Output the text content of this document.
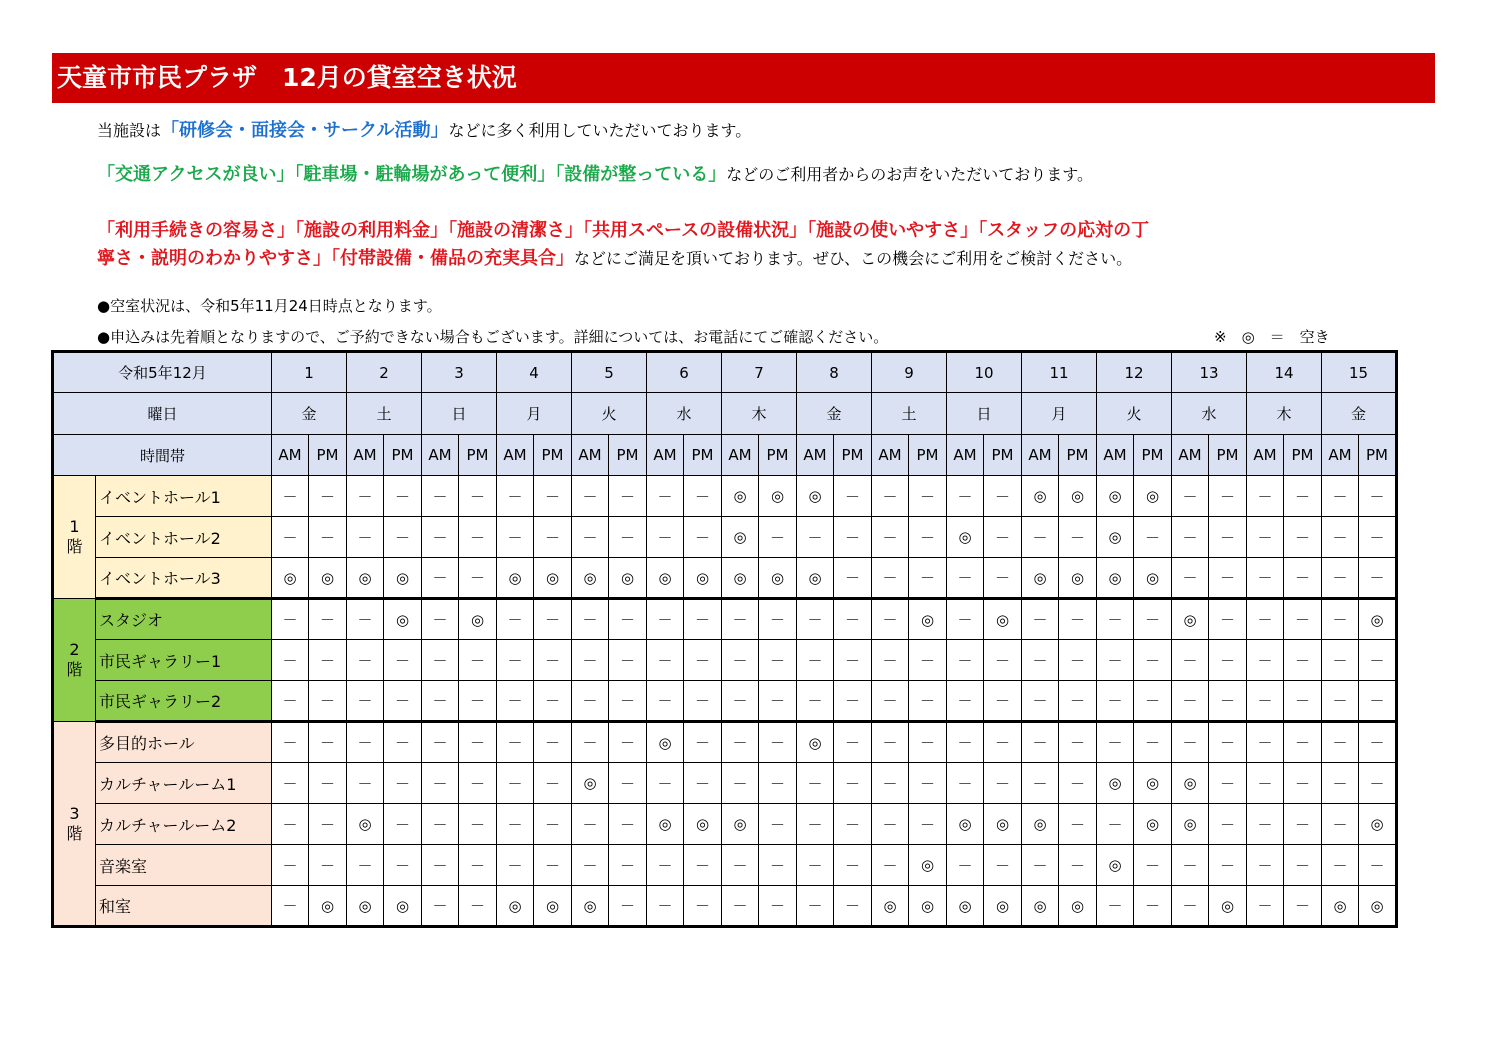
天童市市民プラザ　12月の貸室空き状況
当施設は「研修会・面接会・サークル活動」などに多く利用していただいております。
「交通アクセスが良い」「駐車場・駐輪場があって便利」「設備が整っている」などのご利用者からのお声をいただいております。
「利用手続きの容易さ」「施設の利用料金」「施設の清潔さ」「共用スペースの設備状況」「施設の使いやすさ」「スタッフの応対の丁
寧さ・説明のわかりやすさ」「付帯設備・備品の充実具合」などにご満足を頂いております。ぜひ、この機会にご利用をご検討ください。
●空室状況は、令和5年11月24日時点となります。
●申込みは先着順となりますので、ご予約できない場合もございます。詳細については、お電話にてご確認ください。	※　◎　＝　空き
令和5年12月		1		2		3		4		5		6		7		8		9		10		11		12		13		14		15	
曜日		金		土		日		月		火		水		木		金		土		日		月		火		水		木		金	
時間帯		AM	PM	AM	PM	AM	PM	AM	PM	AM	PM	AM	PM	AM	PM	AM	PM	AM	PM	AM	PM	AM	PM	AM	PM	AM	PM	AM	PM	AM	PM
1
階	イベントホール1	－	－	－	－	－	－	－	－	－	－	－	－	◎	◎	◎	－	－	－	－	－	◎	◎	◎	◎	－	－	－	－	－	－
	イベントホール2	－	－	－	－	－	－	－	－	－	－	－	－	◎	－	－	－	－	－	◎	－	－	－	◎	－	－	－	－	－	－	－
	イベントホール3	◎	◎	◎	◎	－	－	◎	◎	◎	◎	◎	◎	◎	◎	◎	－	－	－	－	－	◎	◎	◎	◎	－	－	－	－	－	－
2
階	スタジオ	－	－	－	◎	－	◎	－	－	－	－	－	－	－	－	－	－	－	◎	－	◎	－	－	－	－	◎	－	－	－	－	◎
	市民ギャラリー1	－	－	－	－	－	－	－	－	－	－	－	－	－	－	－	－	－	－	－	－	－	－	－	－	－	－	－	－	－	－
	市民ギャラリー2	－	－	－	－	－	－	－	－	－	－	－	－	－	－	－	－	－	－	－	－	－	－	－	－	－	－	－	－	－	－
3
階	多目的ホール	－	－	－	－	－	－	－	－	－	－	◎	－	－	－	◎	－	－	－	－	－	－	－	－	－	－	－	－	－	－	－
	カルチャールーム1	－	－	－	－	－	－	－	－	◎	－	－	－	－	－	－	－	－	－	－	－	－	－	◎	◎	◎	－	－	－	－	－
	カルチャールーム2	－	－	◎	－	－	－	－	－	－	－	◎	◎	◎	－	－	－	－	－	◎	◎	◎	－	－	◎	◎	－	－	－	－	◎
	音楽室	－	－	－	－	－	－	－	－	－	－	－	－	－	－	－	－	－	◎	－	－	－	－	◎	－	－	－	－	－	－	－
	和室	－	◎	◎	◎	－	－	◎	◎	◎	－	－	－	－	－	－	－	◎	◎	◎	◎	◎	◎	－	－	－	◎	－	－	◎	◎
